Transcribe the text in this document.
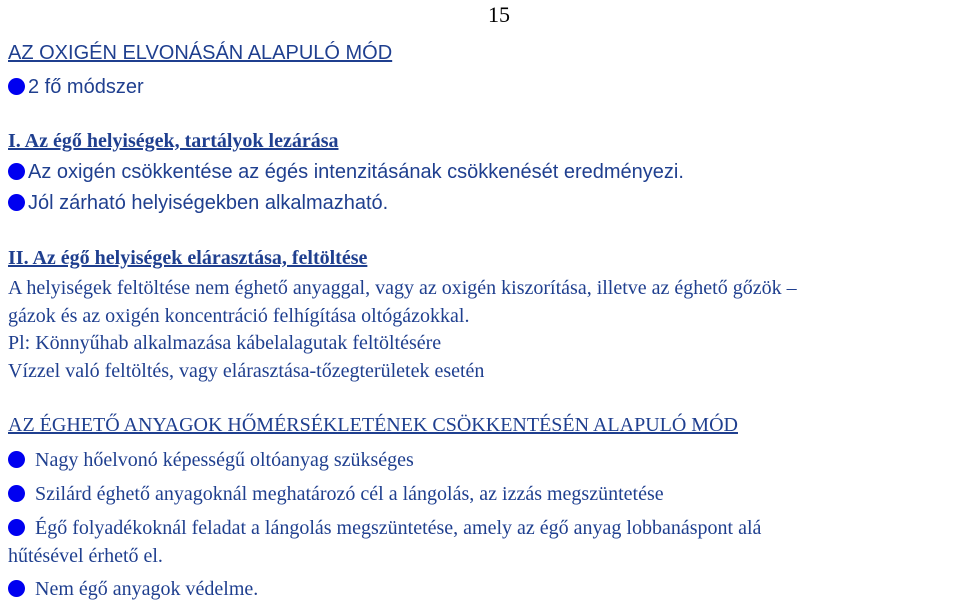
15
AZ OXIGÉN ELVONÁSÁN ALAPULÓ MÓD
2 fő módszer
I. Az égő helyiségek, tartályok lezárása
Az oxigén csökkentése az égés intenzitásának csökkenését eredményezi.
Jól zárható helyiségekben alkalmazható.
II. Az égő helyiségek elárasztása, feltöltése
A helyiségek feltöltése nem éghető anyaggal, vagy az oxigén kiszorítása, illetve az éghető gőzök –
gázok és az oxigén koncentráció felhígítása oltógázokkal.
Pl: Könnyűhab alkalmazása kábelalagutak feltöltésére
Vízzel való feltöltés, vagy elárasztása-tőzegterületek esetén
AZ ÉGHETŐ ANYAGOK HŐMÉRSÉKLETÉNEK CSÖKKENTÉSÉN ALAPULÓ MÓD
Nagy hőelvonó képességű oltóanyag szükséges
Szilárd éghető anyagoknál meghatározó cél a lángolás, az izzás megszüntetése
Égő folyadékoknál feladat a lángolás megszüntetése, amely az égő anyag lobbanáspont alá
hűtésével érhető el.
Nem égő anyagok védelme.
